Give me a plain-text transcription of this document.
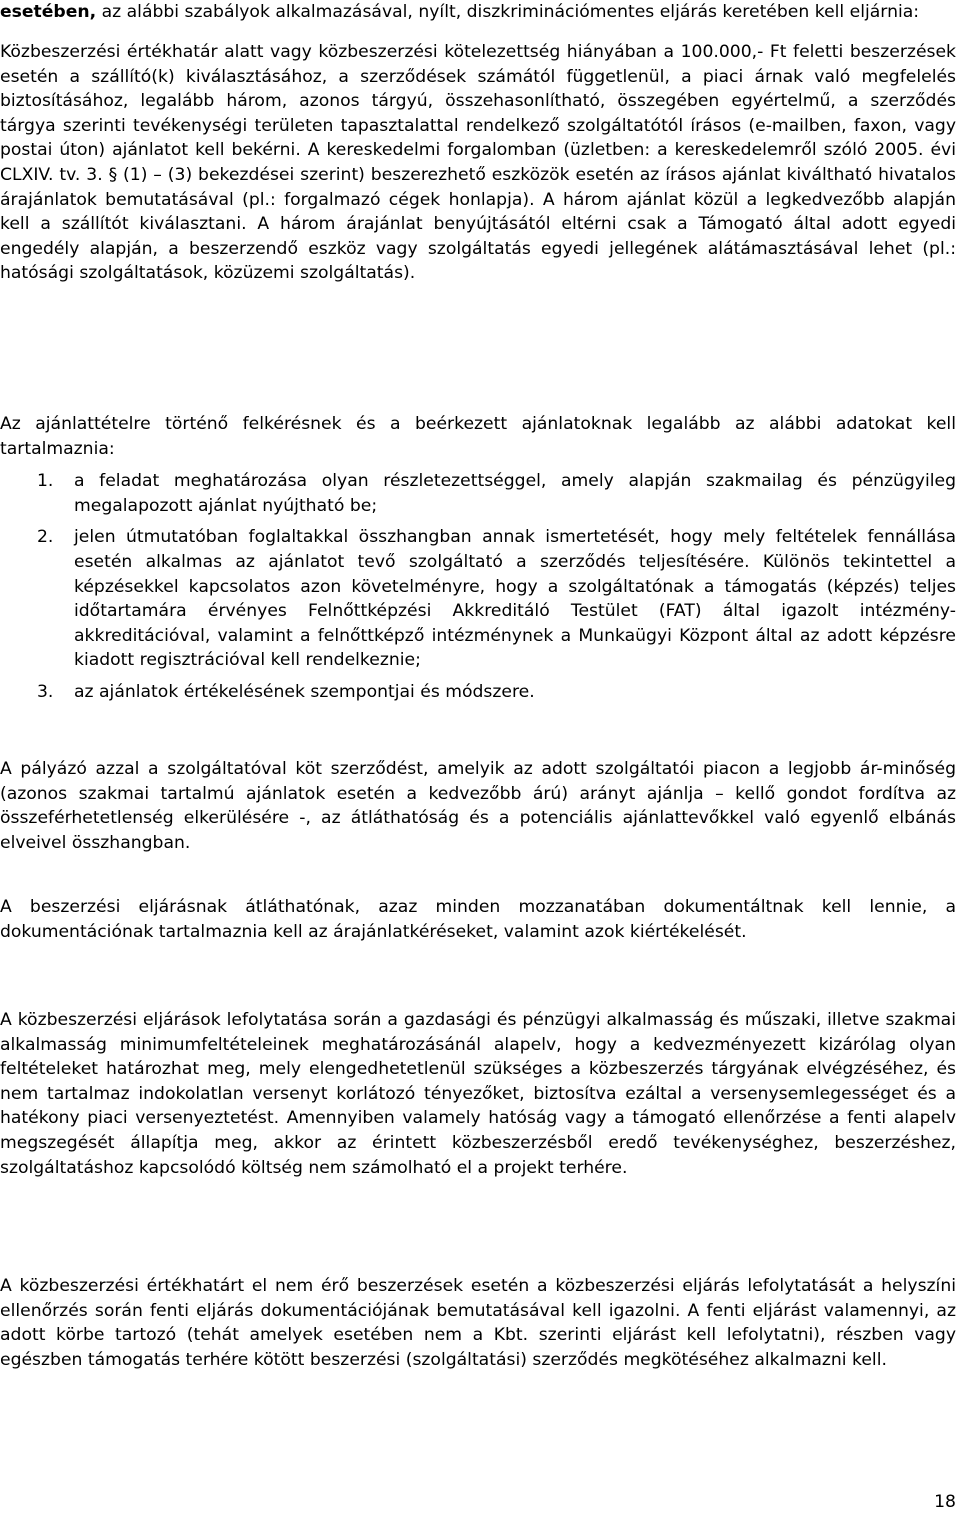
esetében, az alábbi szabályok alkalmazásával, nyílt, diszkriminációmentes eljárás keretében kell eljárnia:

Közbeszerzési értékhatár alatt vagy közbeszerzési kötelezettség hiányában a 100.000,- Ft feletti beszerzések esetén a szállító(k) kiválasztásához, a szerződések számától függetlenül, a piaci árnak való megfelelés biztosításához, legalább három, azonos tárgyú, összehasonlítható, összegében egyértelmű, a szerződés tárgya szerinti tevékenységi területen tapasztalattal rendelkező szolgáltatótól írásos (e-mailben, faxon, vagy postai úton) ajánlatot kell bekérni. A kereskedelmi forgalomban (üzletben: a kereskedelemről szóló 2005. évi CLXIV. tv. 3. § (1) – (3) bekezdései szerint) beszerezhető eszközök esetén az írásos ajánlat kiváltható hivatalos árajánlatok bemutatásával (pl.: forgalmazó cégek honlapja). A három ajánlat közül a legkedvezőbb alapján kell a szállítót kiválasztani. A három árajánlat benyújtásától eltérni csak a Támogató által adott egyedi engedély alapján, a beszerzendő eszköz vagy szolgáltatás egyedi jellegének alátámasztásával lehet (pl.: hatósági szolgáltatások, közüzemi szolgáltatás).

Az ajánlattételre történő felkérésnek és a beérkezett ajánlatoknak legalább az alábbi adatokat kell tartalmaznia:

1. a feladat meghatározása olyan részletezettséggel, amely alapján szakmailag és pénzügyileg megalapozott ajánlat nyújtható be;
2. jelen útmutatóban foglaltakkal összhangban annak ismertetését, hogy mely feltételek fennállása esetén alkalmas az ajánlatot tevő szolgáltató a szerződés teljesítésére. Különös tekintettel a képzésekkel kapcsolatos azon követelményre, hogy a szolgáltatónak a támogatás (képzés) teljes időtartamára érvényes Felnőttképzési Akkreditáló Testület (FAT) által igazolt intézmény-akkreditációval, valamint a felnőttképző intézménynek a Munkaügyi Központ által az adott képzésre kiadott regisztrációval kell rendelkeznie;
3. az ajánlatok értékelésének szempontjai és módszere.

A pályázó azzal a szolgáltatóval köt szerződést, amelyik az adott szolgáltatói piacon a legjobb ár-minőség (azonos szakmai tartalmú ajánlatok esetén a kedvezőbb árú) arányt ajánlja – kellő gondot fordítva az összeférhetetlenség elkerülésére -, az átláthatóság és a potenciális ajánlattevőkkel való egyenlő elbánás elveivel összhangban.

A beszerzési eljárásnak átláthatónak, azaz minden mozzanatában dokumentáltnak kell lennie, a dokumentációnak tartalmaznia kell az árajánlatkéréseket, valamint azok kiértékelését.

A közbeszerzési eljárások lefolytatása során a gazdasági és pénzügyi alkalmasság és műszaki, illetve szakmai alkalmasság minimumfeltételeinek meghatározásánál alapelv, hogy a kedvezményezett kizárólag olyan feltételeket határozhat meg, mely elengedhetetlenül szükséges a közbeszerzés tárgyának elvégzéséhez, és nem tartalmaz indokolatlan versenyt korlátozó tényezőket, biztosítva ezáltal a versenysemlegességet és a hatékony piaci versenyeztetést. Amennyiben valamely hatóság vagy a támogató ellenőrzése a fenti alapelv megszegését állapítja meg, akkor az érintett közbeszerzésből eredő tevékenységhez, beszerzéshez, szolgáltatáshoz kapcsolódó költség nem számolható el a projekt terhére.

A közbeszerzési értékhatárt el nem érő beszerzések esetén a közbeszerzési eljárás lefolytatását a helyszíni ellenőrzés során fenti eljárás dokumentációjának bemutatásával kell igazolni. A fenti eljárást valamennyi, az adott körbe tartozó (tehát amelyek esetében nem a Kbt. szerinti eljárást kell lefolytatni), részben vagy egészben támogatás terhére kötött beszerzési (szolgáltatási) szerződés megkötéséhez alkalmazni kell.

18
